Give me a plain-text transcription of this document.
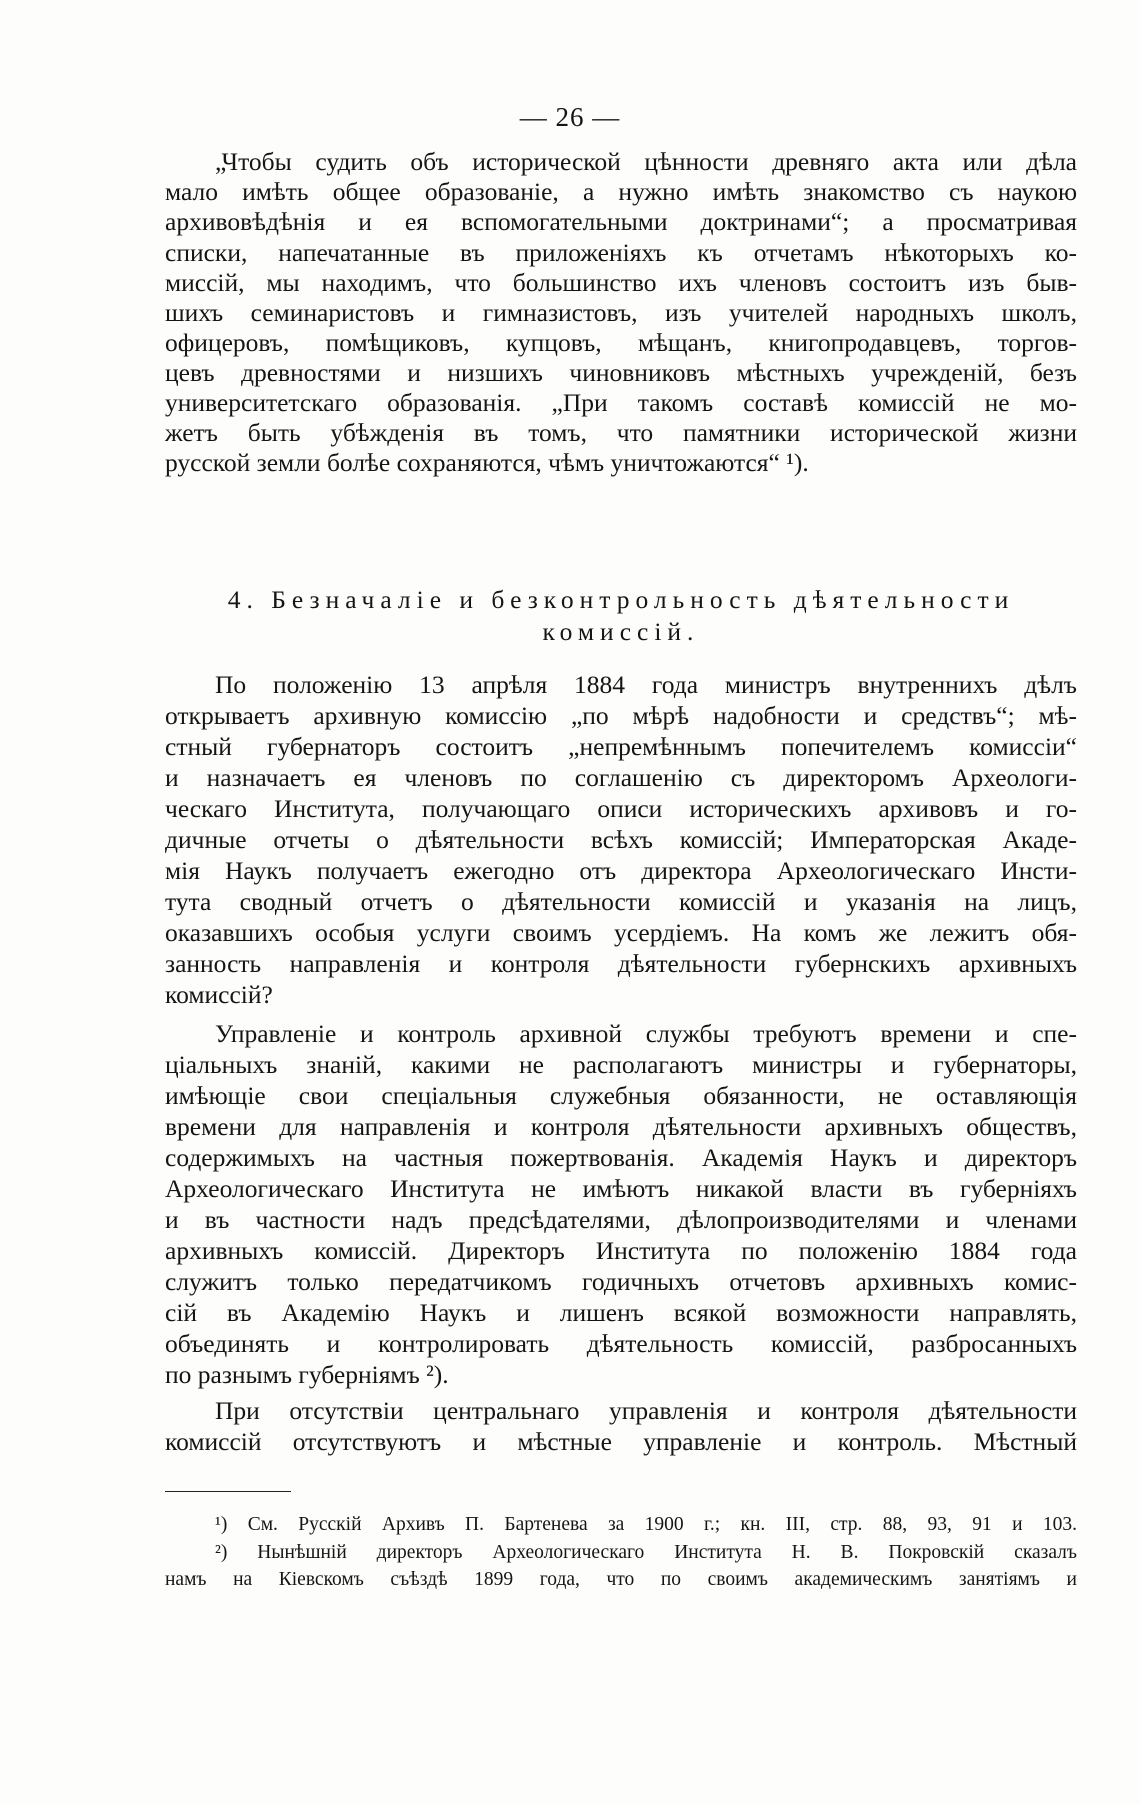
— 26 —
„Чтобы судить объ исторической цѣнности древняго акта или дѣла
мало имѣть общее образованіе, а нужно имѣть знакомство съ наукою
архивовѣдѣнія и ея вспомогательными доктринами“; а просматривая
списки, напечатанные въ приложеніяхъ къ отчетамъ нѣкоторыхъ ко-
миссій, мы находимъ, что большинство ихъ членовъ состоитъ изъ быв-
шихъ семинаристовъ и гимназистовъ, изъ учителей народныхъ школъ,
офицеровъ, помѣщиковъ, купцовъ, мѣщанъ, книгопродавцевъ, торгов-
цевъ древностями и низшихъ чиновниковъ мѣстныхъ учрежденій, безъ
университетскаго образованія. „При такомъ составѣ комиссій не мо-
жетъ быть убѣжденія въ томъ, что памятники исторической жизни
русской земли болѣе сохраняются, чѣмъ уничтожаются“ ¹).
4. Безначаліе и безконтрольность дѣятельности
комиссій.
По положенію 13 апрѣля 1884 года министръ внутреннихъ дѣлъ
открываетъ архивную комиссію „по мѣрѣ надобности и средствъ“; мѣ-
стный губернаторъ состоитъ „непремѣннымъ попечителемъ комиссіи“
и назначаетъ ея членовъ по соглашенію съ директоромъ Археологи-
ческаго Института, получающаго описи историческихъ архивовъ и го-
дичные отчеты о дѣятельности всѣхъ комиссій; Императорская Акаде-
мія Наукъ получаетъ ежегодно отъ директора Археологическаго Инсти-
тута сводный отчетъ о дѣятельности комиссій и указанія на лицъ,
оказавшихъ особыя услуги своимъ усердіемъ. На комъ же лежитъ обя-
занность направленія и контроля дѣятельности губернскихъ архивныхъ
комиссій?
Управленіе и контроль архивной службы требуютъ времени и спе-
ціальныхъ знаній, какими не располагаютъ министры и губернаторы,
имѣющіе свои спеціальныя служебныя обязанности, не оставляющія
времени для направленія и контроля дѣятельности архивныхъ обществъ,
содержимыхъ на частныя пожертвованія. Академія Наукъ и директоръ
Археологическаго Института не имѣютъ никакой власти въ губерніяхъ
и въ частности надъ предсѣдателями, дѣлопроизводителями и членами
архивныхъ комиссій. Директоръ Института по положенію 1884 года
служитъ только передатчикомъ годичныхъ отчетовъ архивныхъ комис-
сій въ Академію Наукъ и лишенъ всякой возможности направлять,
объединять и контролировать дѣятельность комиссій, разбросанныхъ
по разнымъ губерніямъ ²).
При отсутствіи центральнаго управленія и контроля дѣятельности
комиссій отсутствуютъ и мѣстные управленіе и контроль. Мѣстный
¹) См. Русскій Архивъ П. Бартенева за 1900 г.; кн. III, стр. 88, 93, 91 и 103.
²) Нынѣшній директоръ Археологическаго Института Н. В. Покровскій сказалъ
намъ на Кіевскомъ съѣздѣ 1899 года, что по своимъ академическимъ занятіямъ и
